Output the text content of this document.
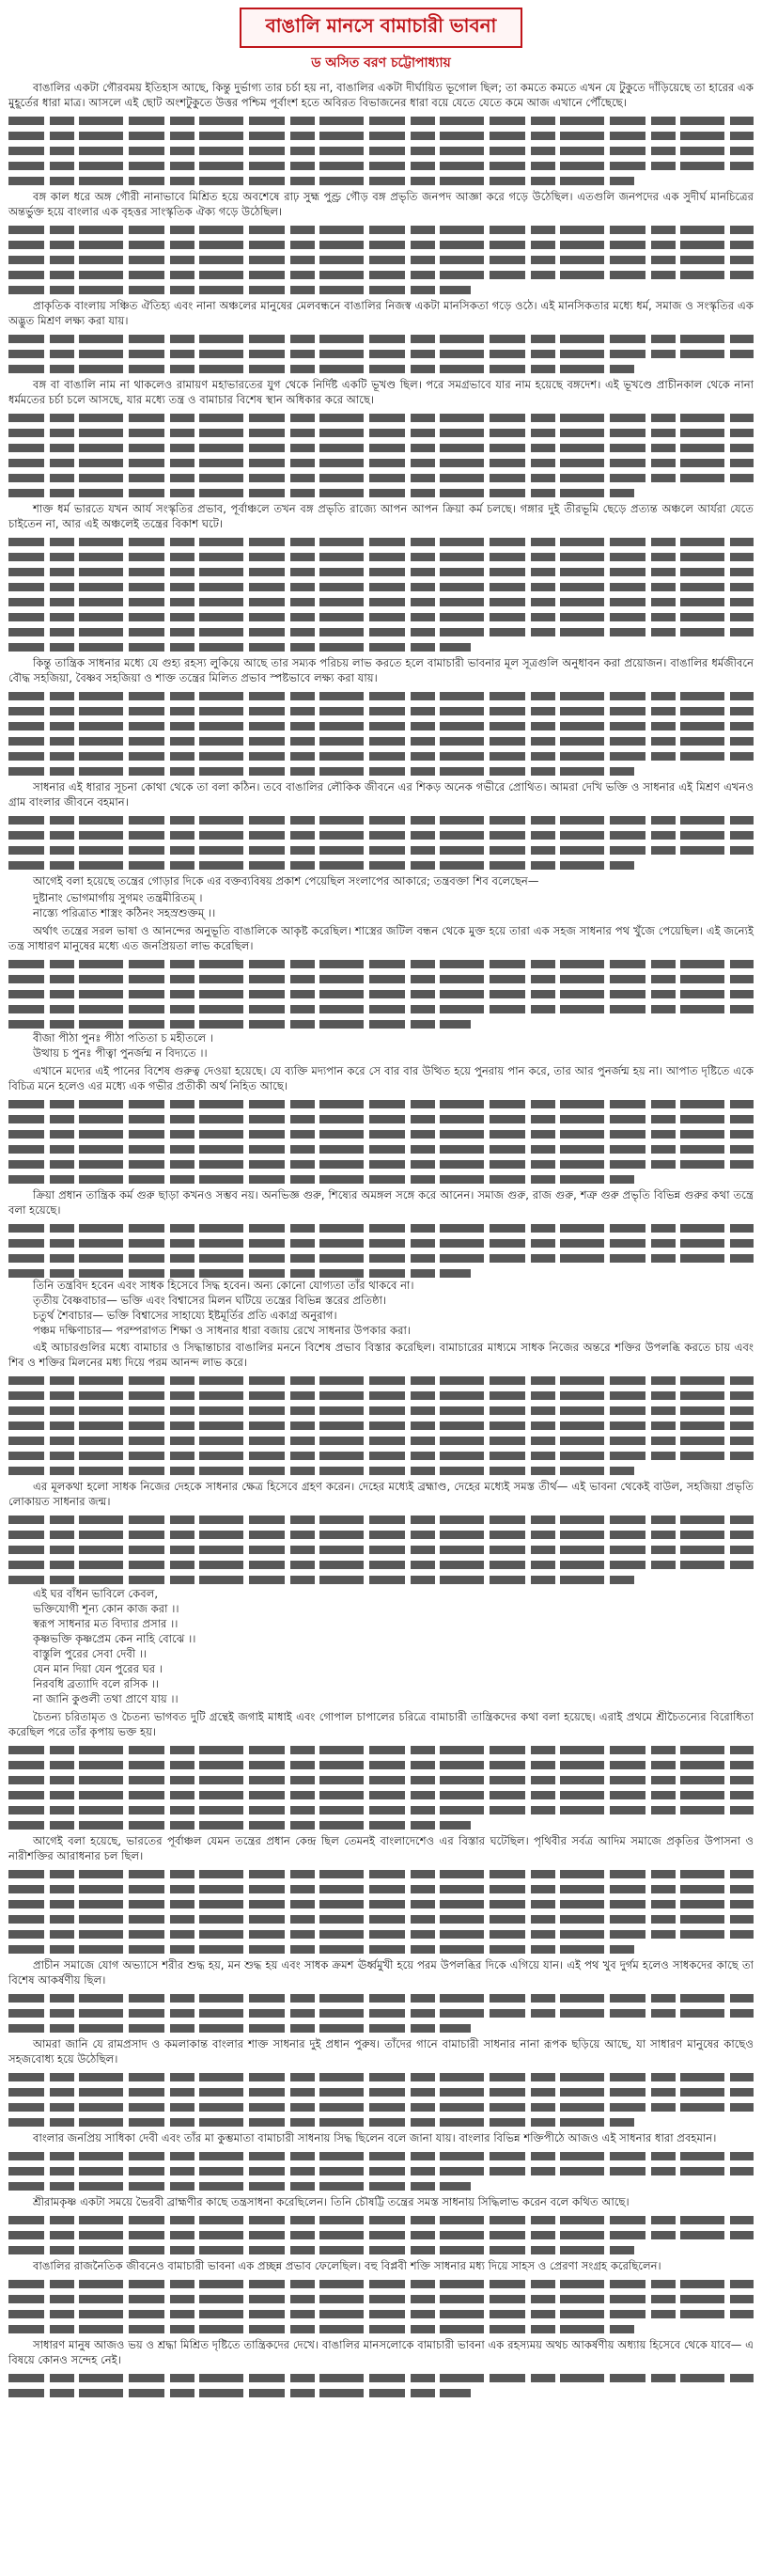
বাঙালি মানসে বামাচারী ভাবনা
ড অসিত বরণ চট্টোপাধ্যায়

বাঙালির একটা গৌরবময় ইতিহাস আছে, কিন্তু দুর্ভাগ্য তার চর্চা হয় না, বাঙালির একটা দীর্ঘায়িত ভূগোল ছিল; তা কমতে কমতে এখন যে টুকুতে দাঁড়িয়েছে তা হারের এক মুহূর্তের ধারা মাত্র। আসলে এই ছোট অংশটুকুতে উত্তর পশ্চিম পূর্বাংশ হতে অবিরত বিভাজনের ধারা বয়ে যেতে যেতে কমে আজ এখানে পৌঁছেছে।

বঙ্গ কাল ধরে অঙ্গ গৌরী নানাভাবে মিশ্রিত হয়ে অবশেষে রাঢ় সুহ্ম পুণ্ড্র গৌড় বঙ্গ প্রভৃতি জনপদ আজ্ঞা করে গড়ে উঠেছিল। এতগুলি জনপদের এক সুদীর্ঘ মানচিত্রের অন্তর্ভুক্ত হয়ে বাংলার এক বৃহত্তর সাংস্কৃতিক ঐক্য গড়ে উঠেছিল।

প্রাকৃতিক বাংলায় সঞ্চিত ঐতিহ্য এবং নানা অঞ্চলের মানুষের মেলবন্ধনে বাঙালির নিজস্ব একটা মানসিকতা গড়ে ওঠে। এই মানসিকতার মধ্যে ধর্ম, সমাজ ও সংস্কৃতির এক অদ্ভুত মিশ্রণ লক্ষ্য করা যায়।

বঙ্গ বা বাঙালি নাম না থাকলেও রামায়ণ মহাভারতের যুগ থেকে নির্দিষ্ট একটি ভূখণ্ড ছিল। পরে সমগ্রভাবে যার নাম হয়েছে বঙ্গদেশ। এই ভূখণ্ডে প্রাচীনকাল থেকে নানা ধর্মমতের চর্চা চলে আসছে, যার মধ্যে তন্ত্র ও বামাচার বিশেষ স্থান অধিকার করে আছে।

শাক্ত ধর্ম ভারতে যখন আর্য সংস্কৃতির প্রভাব, পূর্বাঞ্চলে তখন বঙ্গ প্রভৃতি রাজ্যে আপন আপন ক্রিয়া কর্ম চলছে। গঙ্গার দুই তীরভূমি ছেড়ে প্রত্যন্ত অঞ্চলে আর্যরা যেতে চাইতেন না, আর এই অঞ্চলেই তন্ত্রের বিকাশ ঘটে।

কিন্তু তান্ত্রিক সাধনার মধ্যে যে গুহ্য রহস্য লুকিয়ে আছে তার সম্যক পরিচয় লাভ করতে হলে বামাচারী ভাবনার মূল সূত্রগুলি অনুধাবন করা প্রয়োজন। বাঙালির ধর্মজীবনে বৌদ্ধ সহজিয়া, বৈষ্ণব সহজিয়া ও শাক্ত তন্ত্রের মিলিত প্রভাব স্পষ্টভাবে লক্ষ্য করা যায়।

সাধনার এই ধারার সূচনা কোথা থেকে তা বলা কঠিন। তবে বাঙালির লৌকিক জীবনে এর শিকড় অনেক গভীরে প্রোথিত। আমরা দেখি ভক্তি ও সাধনার এই মিশ্রণ এখনও গ্রাম বাংলার জীবনে বহমান।

আগেই বলা হয়েছে তন্ত্রের গোড়ার দিকে এর বক্তব্যবিষয় প্রকাশ পেয়েছিল সংলাপের আকারে; তন্ত্রবক্তা শিব বলেছেন—

দুষ্টানাং ভোগমার্গায় সুগমং তন্ত্রমীরিতম্ ।
নাস্ত্যে পরিত্রাত শাস্ত্রং কঠিনং সহস্রশুক্তম্ ।।

অর্থাৎ তন্ত্রের সরল ভাষা ও আনন্দের অনুভূতি বাঙালিকে আকৃষ্ট করেছিল। শাস্ত্রের জটিল বন্ধন থেকে মুক্ত হয়ে তারা এক সহজ সাধনার পথ খুঁজে পেয়েছিল। এই জন্যেই তন্ত্র সাধারণ মানুষের মধ্যে এত জনপ্রিয়তা লাভ করেছিল।

বীজা পীঠা পুনঃ পীঠা পতিতা চ মহীতলে ।
উত্থায় চ পুনঃ পীত্বা পুনর্জন্ম ন বিদ্যতে ।।

এখানে মদ্যের এই পানের বিশেষ গুরুত্ব দেওয়া হয়েছে। যে ব্যক্তি মদ্যপান করে সে বার বার উত্থিত হয়ে পুনরায় পান করে, তার আর পুনর্জন্ম হয় না। আপাত দৃষ্টিতে একে বিচিত্র মনে হলেও এর মধ্যে এক গভীর প্রতীকী অর্থ নিহিত আছে।

ক্রিয়া প্রধান তান্ত্রিক কর্ম গুরু ছাড়া কখনও সম্ভব নয়। অনভিজ্ঞ গুরু, শিষ্যের অমঙ্গল সঙ্গে করে আনেন। সমাজ গুরু, রাজ গুরু, শত্রু গুরু প্রভৃতি বিভিন্ন গুরুর কথা তন্ত্রে বলা হয়েছে।

তিনি তন্ত্রবিদ হবেন এবং সাধক হিসেবে সিদ্ধ হবেন। অন্য কোনো যোগ্যতা তাঁর থাকবে না।

তৃতীয় বৈষ্ণবাচার— ভক্তি এবং বিশ্বাসের মিলন ঘটিয়ে তন্ত্রের বিভিন্ন স্তরের প্রতিষ্ঠা।

চতুর্থ শৈবাচার— ভক্তি বিশ্বাসের সাহায্যে ইষ্টমূর্তির প্রতি একাগ্র অনুরাগ।

পঞ্চম দক্ষিণাচার— পরম্পরাগত শিক্ষা ও সাধনার ধারা বজায় রেখে সাধনার উপকার করা।

এই আচারগুলির মধ্যে বামাচার ও সিদ্ধান্তাচার বাঙালির মননে বিশেষ প্রভাব বিস্তার করেছিল। বামাচারের মাধ্যমে সাধক নিজের অন্তরে শক্তির উপলব্ধি করতে চায় এবং শিব ও শক্তির মিলনের মধ্য দিয়ে পরম আনন্দ লাভ করে।

এর মূলকথা হলো সাধক নিজের দেহকে সাধনার ক্ষেত্র হিসেবে গ্রহণ করেন। দেহের মধ্যেই ব্রহ্মাণ্ড, দেহের মধ্যেই সমস্ত তীর্থ— এই ভাবনা থেকেই বাউল, সহজিয়া প্রভৃতি লোকায়ত সাধনার জন্ম।

এই ঘর বাঁধন ভাবিলে কেবল,
ভক্তিযোগী শূন্য কোন কাজ করা ।।
স্বরূপ সাধনার মত বিদ্যার প্রসার ।।
কৃষ্ণভক্তি কৃষ্ণপ্রেম কেন নাহি বোঝে ।।
বাস্তুলি পুরের সেবা দেবী ।।
যেন মান দিয়া যেন পুরের ঘর ।
নিরবধি ব্রত্যাদি বলে রসিক ।।
না জানি কুণ্ডলী তথা প্রাণে যায় ।।

চৈতন্য চরিতামৃত ও চৈতন্য ভাগবত দুটি গ্রন্থেই জগাই মাধাই এবং গোপাল চাপালের চরিত্রে বামাচারী তান্ত্রিকদের কথা বলা হয়েছে। এরাই প্রথমে শ্রীচৈতন্যের বিরোধিতা করেছিল পরে তাঁর কৃপায় ভক্ত হয়।

আগেই বলা হয়েছে, ভারতের পূর্বাঞ্চল যেমন তন্ত্রের প্রধান কেন্দ্র ছিল তেমনই বাংলাদেশেও এর বিস্তার ঘটেছিল। পৃথিবীর সর্বত্র আদিম সমাজে প্রকৃতির উপাসনা ও নারীশক্তির আরাধনার চল ছিল।

প্রাচীন সমাজে যোগ অভ্যাসে শরীর শুদ্ধ হয়, মন শুদ্ধ হয় এবং সাধক ক্রমশ ঊর্ধ্বমুখী হয়ে পরম উপলব্ধির দিকে এগিয়ে যান। এই পথ খুব দুর্গম হলেও সাধকদের কাছে তা বিশেষ আকর্ষণীয় ছিল।

আমরা জানি যে রামপ্রসাদ ও কমলাকান্ত বাংলার শাক্ত সাধনার দুই প্রধান পুরুষ। তাঁদের গানে বামাচারী সাধনার নানা রূপক ছড়িয়ে আছে, যা সাধারণ মানুষের কাছেও সহজবোধ্য হয়ে উঠেছিল।

বাংলার জনপ্রিয় সাধিকা দেবী এবং তাঁর মা কুম্ভমাতা বামাচারী সাধনায় সিদ্ধ ছিলেন বলে জানা যায়। বাংলার বিভিন্ন শক্তিপীঠে আজও এই সাধনার ধারা প্রবহমান।

শ্রীরামকৃষ্ণ একটা সময়ে ভৈরবী ব্রাহ্মণীর কাছে তন্ত্রসাধনা করেছিলেন। তিনি চৌষট্টি তন্ত্রের সমস্ত সাধনায় সিদ্ধিলাভ করেন বলে কথিত আছে।

বাঙালির রাজনৈতিক জীবনেও বামাচারী ভাবনা এক প্রচ্ছন্ন প্রভাব ফেলেছিল। বহু বিপ্লবী শক্তি সাধনার মধ্য দিয়ে সাহস ও প্রেরণা সংগ্রহ করেছিলেন।

সাধারণ মানুষ আজও ভয় ও শ্রদ্ধা মিশ্রিত দৃষ্টিতে তান্ত্রিকদের দেখে। বাঙালির মানসলোকে বামাচারী ভাবনা এক রহস্যময় অথচ আকর্ষণীয় অধ্যায় হিসেবে থেকে যাবে— এ বিষয়ে কোনও সন্দেহ নেই।
